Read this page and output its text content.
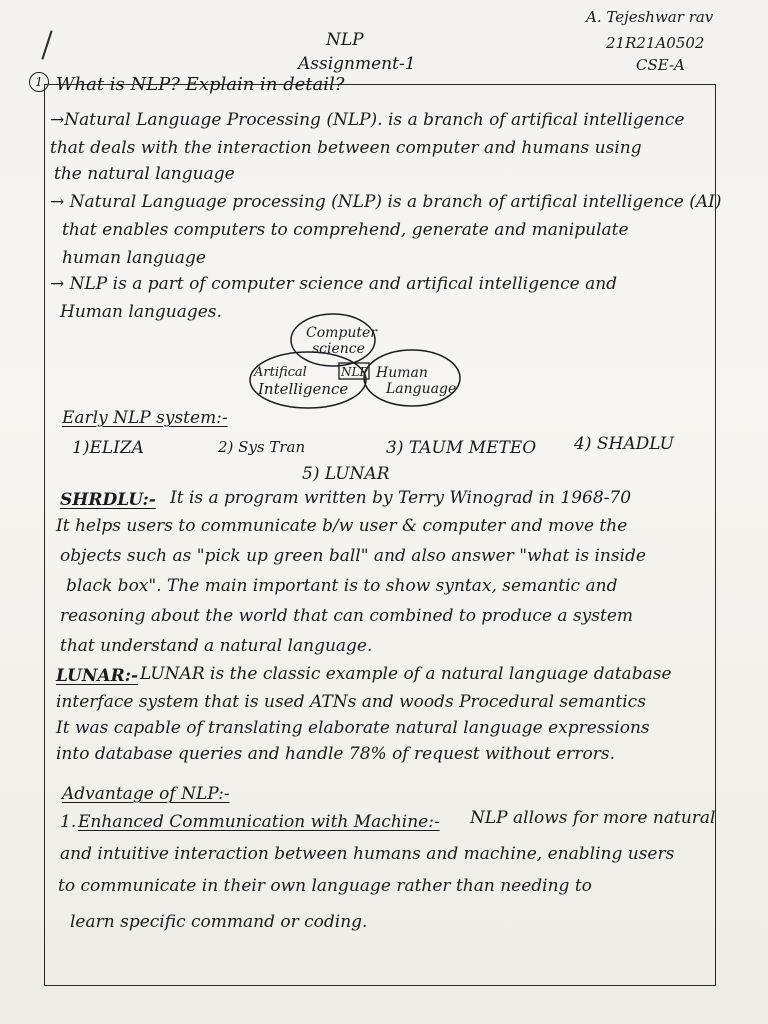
A. Tejeshwar rav
21R21A0502
CSE-A
NLP
Assignment-1
1 What is NLP? Explain in detail?
→Natural Language Processing (NLP). is a branch of artifical intelligence
that deals with the interaction between computer and humans using
the natural language
→ Natural Language processing (NLP) is a branch of artifical intelligence (AI)
that enables computers to comprehend, generate and manipulate
human language
→ NLP is a part of computer science and artifical intelligence and
Human languages.
Computer
science
Artifical
Intelligence
NLP Human
Language
Early NLP system:-
1)ELIZA	2) Sys Tran	3) TAUM METEO 4) SHADLU
5) LUNAR
SHRDLU:- It is a program written by Terry Winograd in 1968-70
It helps users to communicate b/w user & computer and move the
objects such as "pick up green ball" and also answer "what is inside
black box". The main important is to show syntax, semantic and
reasoning about the world that can combined to produce a system
that understand a natural language.
LUNAR:- LUNAR is the classic example of a natural language database
interface system that is used ATNs and woods Procedural semantics
It was capable of translating elaborate natural language expressions
into database queries and handle 78% of request without errors.
Advantage of NLP:-
1. Enhanced Communication with Machine:- NLP allows for more natural
and intuitive interaction between humans and machine, enabling users
to communicate in their own language rather than needing to
learn specific command or coding.
